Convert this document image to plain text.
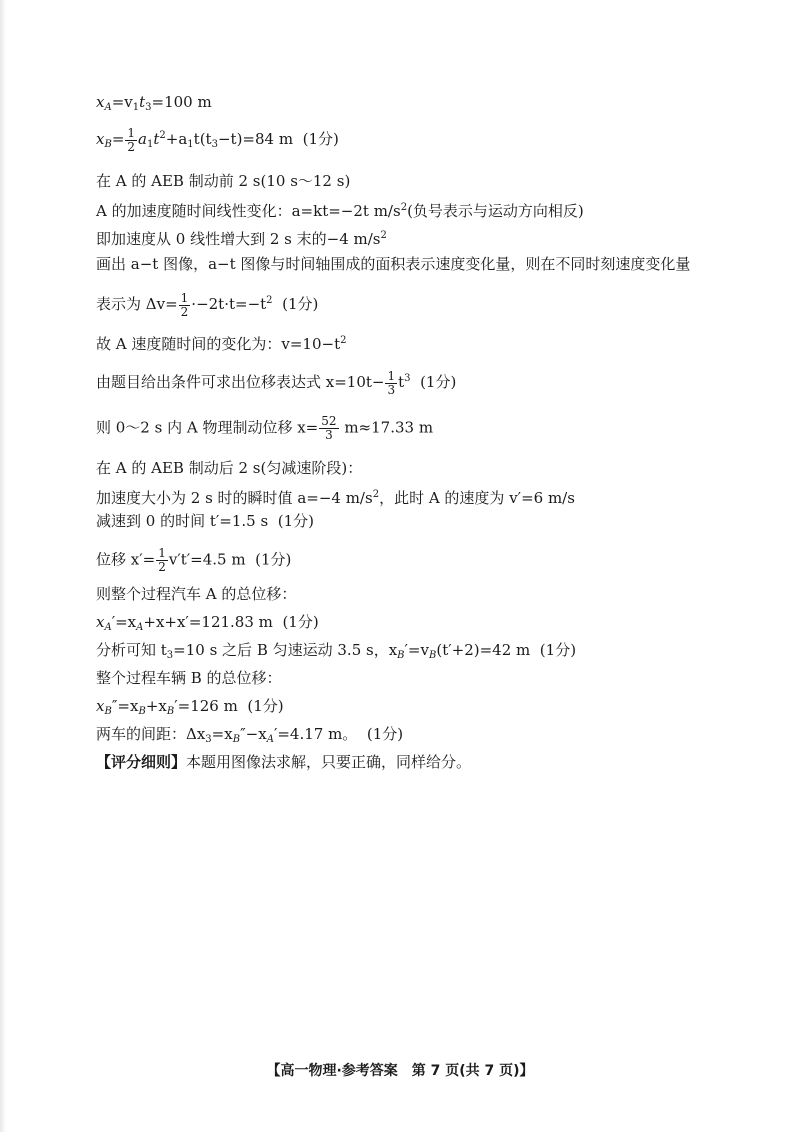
$x_A=v_1t_3=100$ m
$x_B= \frac{1}{2} a_1t^2+a_1t(t_3-t)=84$ m (1分)
在 A 的 AEB 制动前 2 s(10 s～12 s)
A 的加速度随时间线性变化：a=kt=−2t $m/s^2$(负号表示与运动方向相反)
即加速度从 0 线性增大到 2 s 末的−4 $m/s^2$
画出 a−t 图像，a−t 图像与时间轴围成的面积表示速度变化量，则在不同时刻速度变化量
表示为 $\Delta v= \frac{1}{2} \cdot-2t\cdot t=-t^2$ (1分)
故 A 速度随时间的变化为：$v=10-t^2$
由题目给出条件可求出位移表达式 $x=10t- \frac{1}{3} t^3$ (1分)
则 0～2 s 内 A 物理制动位移 $x= \frac{52}{3} m\approx 17.33$ m
在 A 的 AEB 制动后 2 s(匀减速阶段)：
加速度大小为 2 s 时的瞬时值 a=−4 $m/s^2$，此时 A 的速度为 v′=6 m/s
减速到 0 的时间 t′=1.5 s (1分)
位移 $x'= \frac{1}{2} v't'=4.5$ m (1分)
则整个过程汽车 A 的总位移：
$x_A'=x_A+x+x'=121.83$ m (1分)
分析可知 $t_3=10$ s 之后 B 匀速运动 3.5 s，$x_B'=v_B(t'+2)=42$ m (1分)
整个过程车辆 B 的总位移：
$x_B''=x_B+x_B'=126$ m (1分)
两车的间距：$\Delta x_3=x_B''-x_A'=4.17$ m。 (1分)
【评分细则】本题用图像法求解，只要正确，同样给分。
【高一物理·参考答案　第 7 页(共 7 页)】
